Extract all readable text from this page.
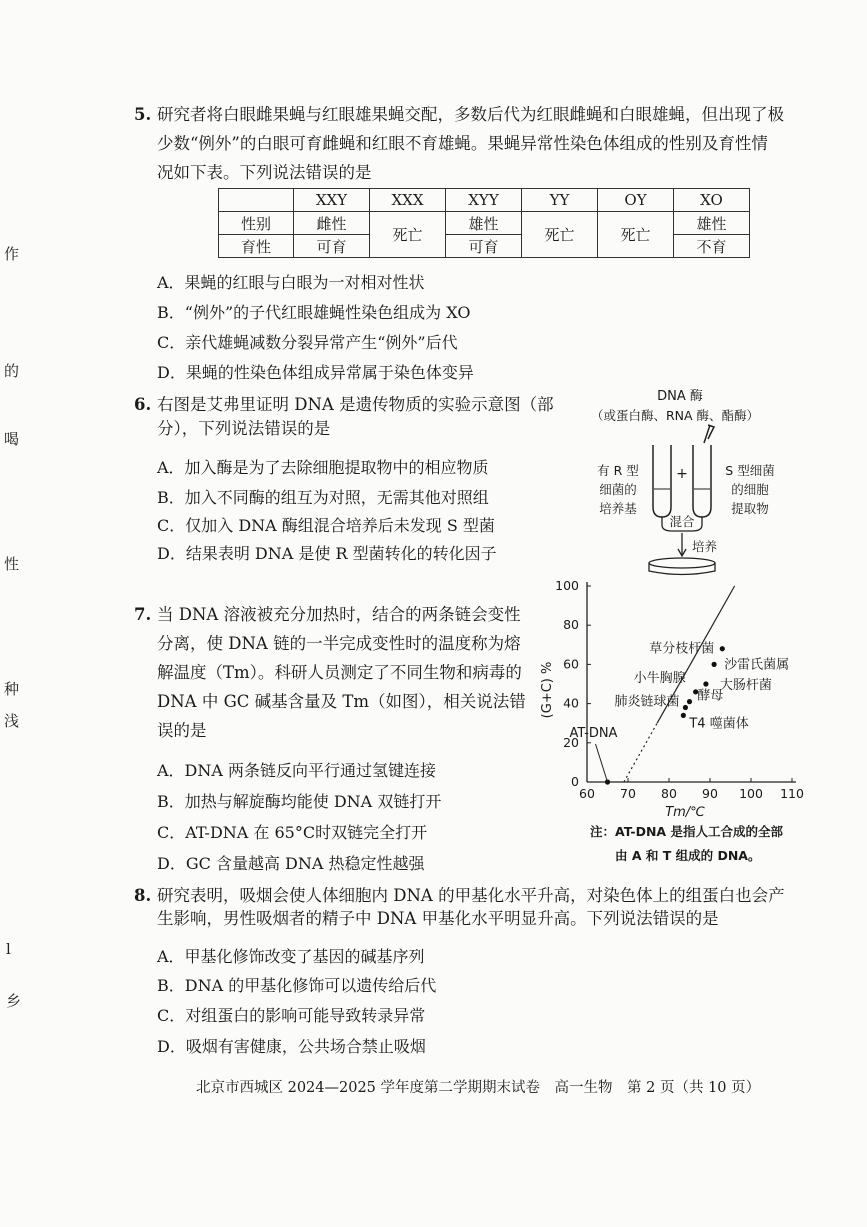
作
的
喝
性
种
浅
l
乡
5. 研究者将白眼雌果蝇与红眼雄果蝇交配，多数后代为红眼雌蝇和白眼雄蝇，但出现了极
少数“例外”的白眼可育雌蝇和红眼不育雄蝇。果蝇异常性染色体组成的性别及育性情
况如下表。下列说法错误的是
	XXY	XXX	XYY	YY	OY	XO
性别	雌性	死亡	雄性	死亡	死亡	雄性
育性	可育		可育			不育
A．果蝇的红眼与白眼为一对相对性状
B．“例外”的子代红眼雄蝇性染色组成为 XO
C．亲代雄蝇减数分裂异常产生“例外”后代
D．果蝇的性染色体组成异常属于染色体变异
6. 右图是艾弗里证明 DNA 是遗传物质的实验示意图（部
分），下列说法错误的是
A．加入酶是为了去除细胞提取物中的相应物质
B．加入不同酶的组互为对照，无需其他对照组
C．仅加入 DNA 酶组混合培养后未发现 S 型菌
D．结果表明 DNA 是使 R 型菌转化的转化因子
DNA 酶
（或蛋白酶、RNA 酶、酯酶）
+
有 R 型
细菌的
培养基
S 型细菌
的细胞
提取物
混合
培养
7. 当 DNA 溶液被充分加热时，结合的两条链会变性
分离，使 DNA 链的一半完成变性时的温度称为熔
解温度（Tm）。科研人员测定了不同生物和病毒的
DNA 中 GC 碱基含量及 Tm（如图），相关说法错
误的是
A．DNA 两条链反向平行通过氢键连接
B．加热与解旋酶均能使 DNA 双链打开
C．AT-DNA 在 65°C时双链完全打开
D．GC 含量越高 DNA 热稳定性越强
60 70 80 90 100 110
0
20
40
60
80
100
AT-DNA
T4 噬菌体
酵母
肺炎链球菌
小牛胸腺	大肠杆菌
沙雷氏菌属
草分枝杆菌
Tm/℃
(G+C) %
注：AT-DNA 是指人工合成的全部
由 A 和 T 组成的 DNA。
8. 研究表明，吸烟会使人体细胞内 DNA 的甲基化水平升高，对染色体上的组蛋白也会产
生影响，男性吸烟者的精子中 DNA 甲基化水平明显升高。下列说法错误的是
A．甲基化修饰改变了基因的碱基序列
B．DNA 的甲基化修饰可以遗传给后代
C．对组蛋白的影响可能导致转录异常
D．吸烟有害健康，公共场合禁止吸烟
北京市西城区 2024—2025 学年度第二学期期末试卷　高一生物　第 2 页（共 10 页）
